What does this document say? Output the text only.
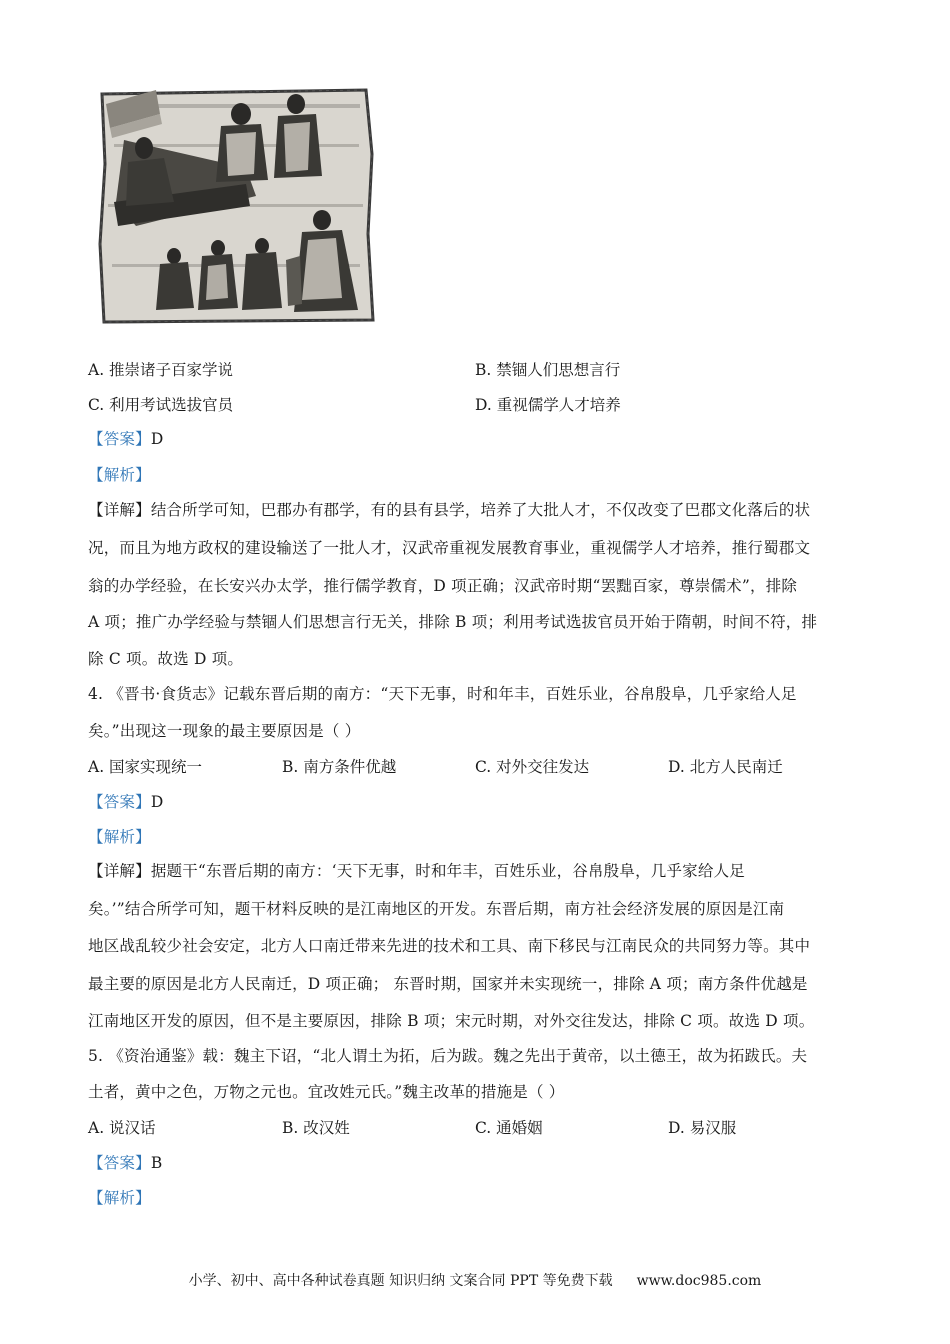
A. 推崇诸子百家学说	B. 禁锢人们思想言行
C. 利用考试选拔官员	D. 重视儒学人才培养
【答案】D
【解析】
【详解】结合所学可知，巴郡办有郡学，有的县有县学，培养了大批人才，不仅改变了巴郡文化落后的状
况，而且为地方政权的建设输送了一批人才，汉武帝重视发展教育事业，重视儒学人才培养，推行蜀郡文
翁的办学经验，在长安兴办太学，推行儒学教育，D 项正确；汉武帝时期“罢黜百家，尊崇儒术”，排除
A 项；推广办学经验与禁锢人们思想言行无关，排除 B 项；利用考试选拔官员开始于隋朝，时间不符，排
除 C 项。故选 D 项。
4. 《晋书·食货志》记载东晋后期的南方：“天下无事，时和年丰，百姓乐业，谷帛殷阜，几乎家给人足
矣。”出现这一现象的最主要原因是（ ）
A. 国家实现统一	B. 南方条件优越	C. 对外交往发达	D. 北方人民南迁
【答案】D
【解析】
【详解】据题干“东晋后期的南方：‘天下无事，时和年丰，百姓乐业，谷帛殷阜，几乎家给人足
矣。’”结合所学可知，题干材料反映的是江南地区的开发。东晋后期，南方社会经济发展的原因是江南
地区战乱较少社会安定，北方人口南迁带来先进的技术和工具、南下移民与江南民众的共同努力等。其中
最主要的原因是北方人民南迁，D 项正确； 东晋时期，国家并未实现统一，排除 A 项；南方条件优越是
江南地区开发的原因，但不是主要原因，排除 B 项；宋元时期，对外交往发达，排除 C 项。故选 D 项。
5. 《资治通鉴》载：魏主下诏，“北人谓土为拓，后为跋。魏之先出于黄帝，以土德王，故为拓跋氏。夫
土者，黄中之色，万物之元也。宜改姓元氏。”魏主改革的措施是（ ）
A. 说汉话	B. 改汉姓	C. 通婚姻	D. 易汉服
【答案】B
【解析】
小学、初中、高中各种试卷真题 知识归纳 文案合同 PPT 等免费下载 www.doc985.com
